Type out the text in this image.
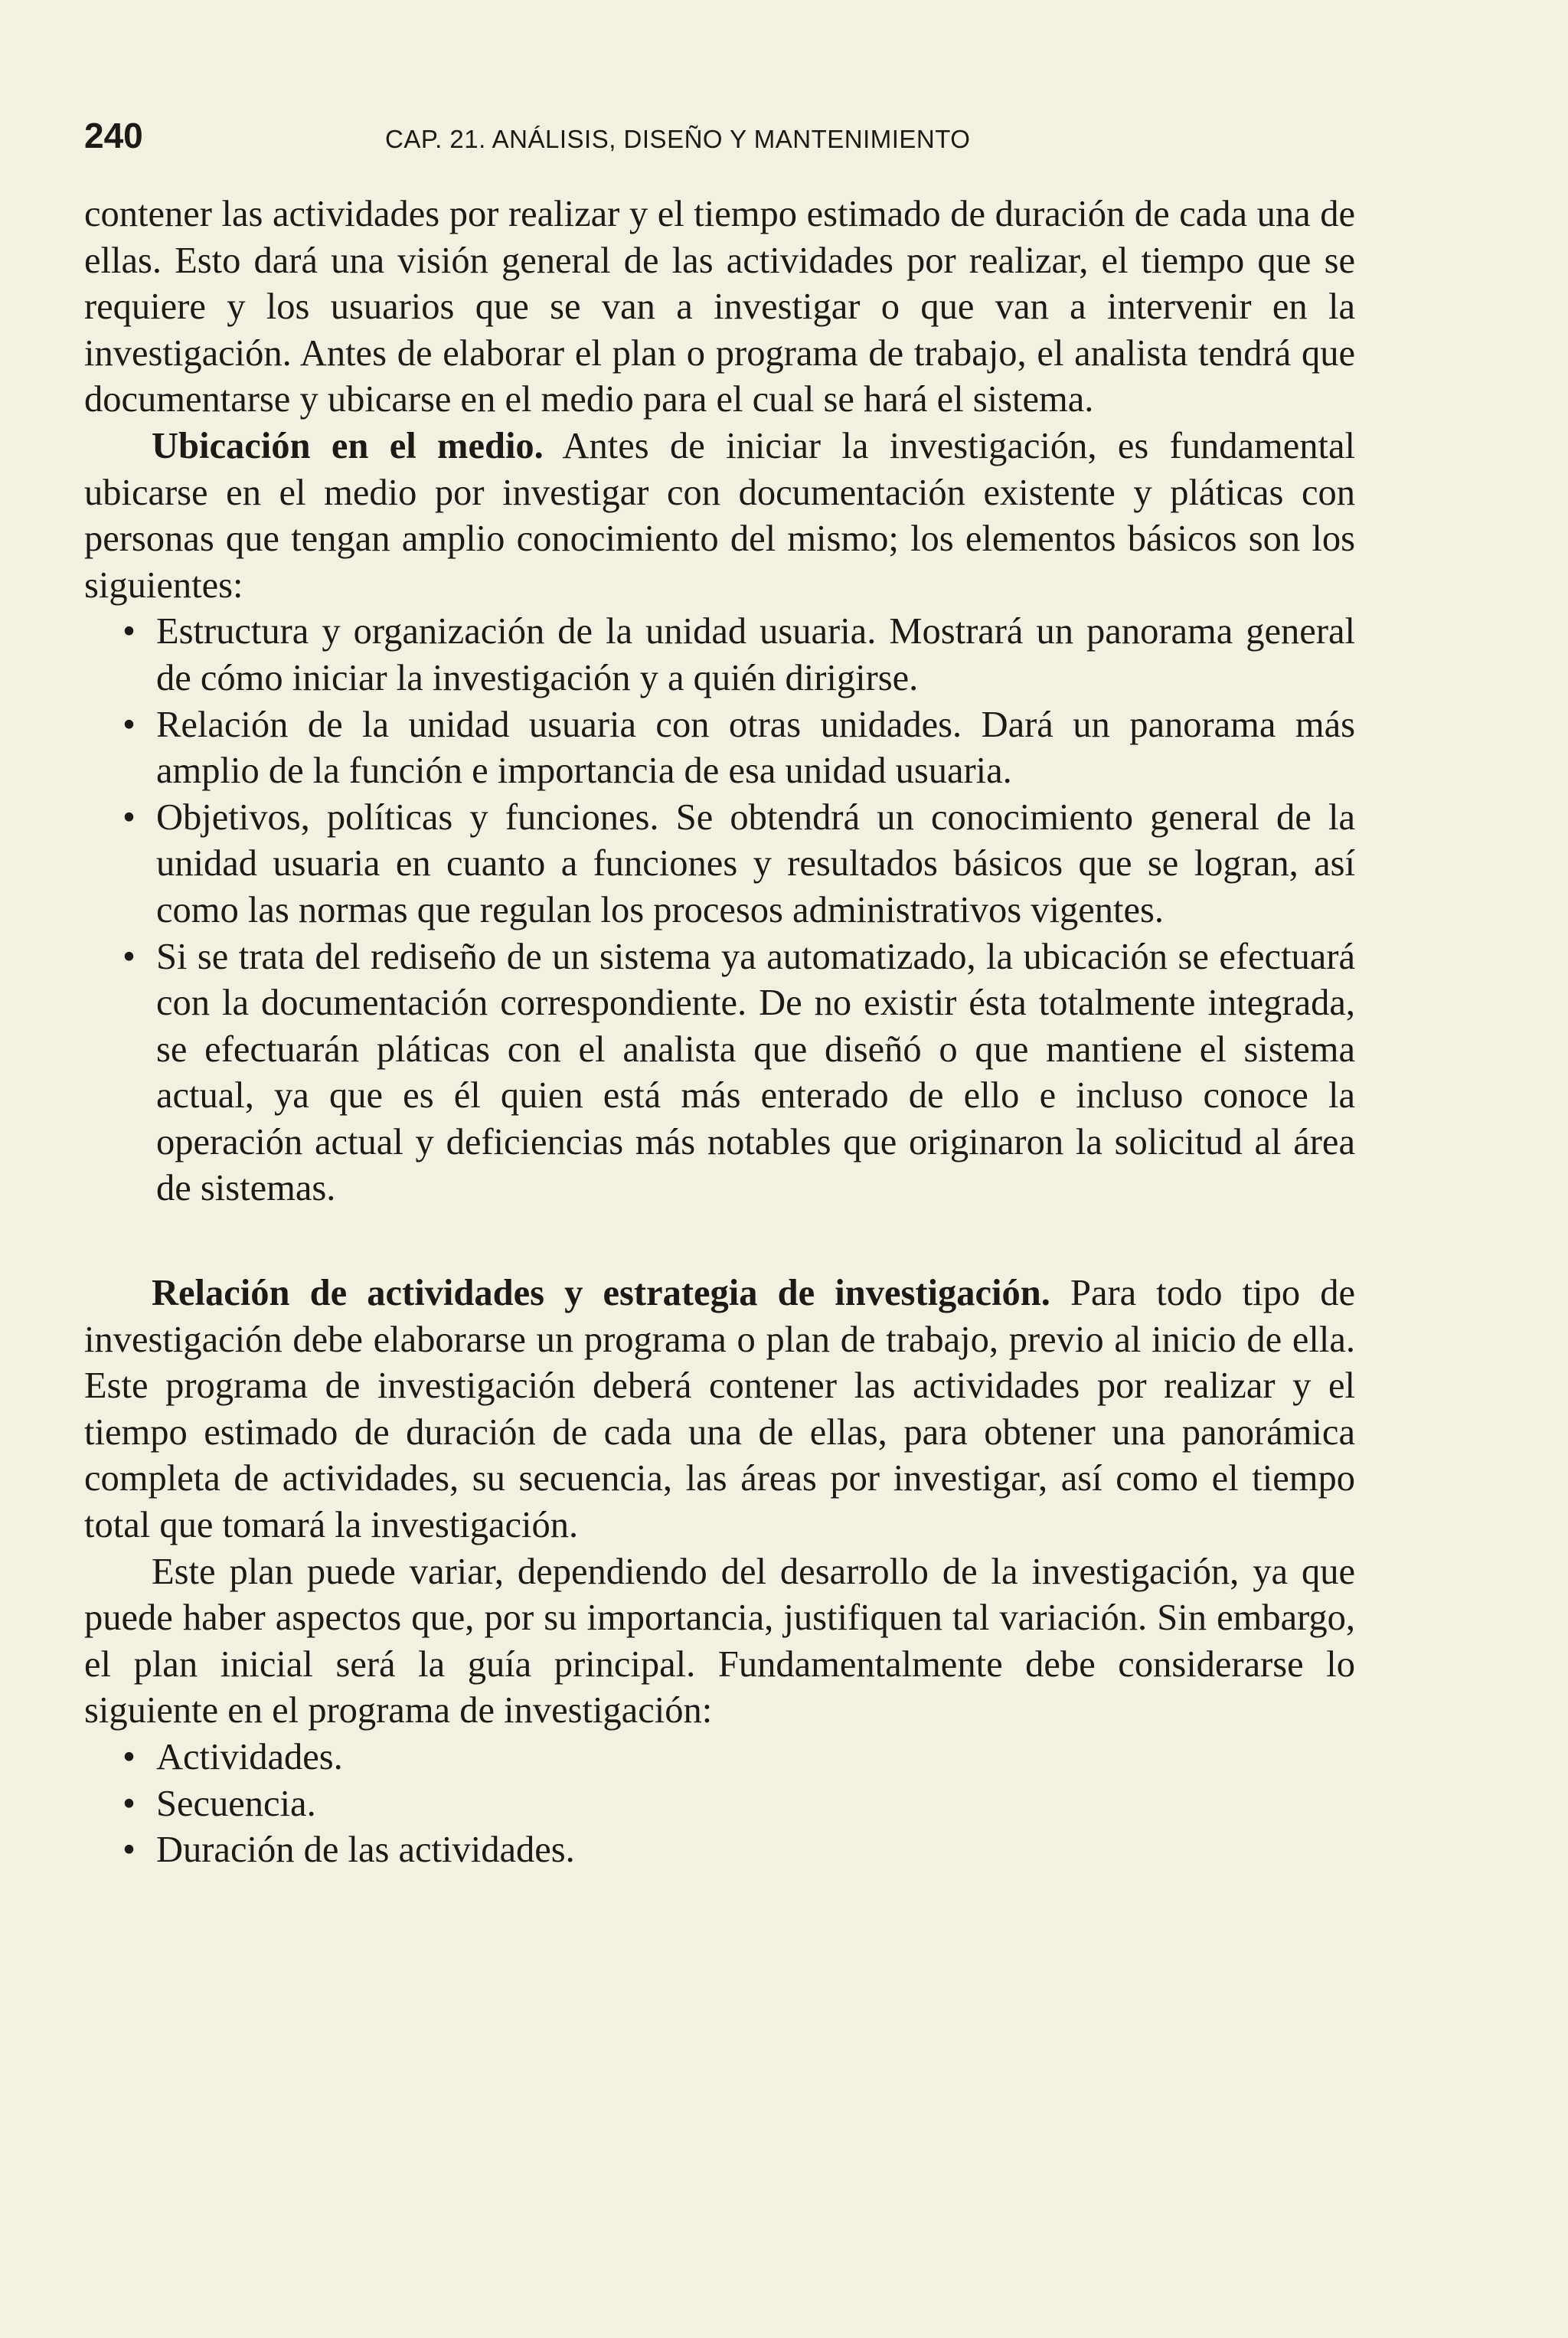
240	CAP. 21. ANÁLISIS, DISEÑO Y MANTENIMIENTO

contener las actividades por realizar y el tiempo estimado de duración de cada una de ellas. Esto dará una visión general de las actividades por realizar, el tiempo que se requiere y los usuarios que se van a investigar o que van a intervenir en la investigación. Antes de elaborar el plan o programa de trabajo, el analista tendrá que documentarse y ubicarse en el medio para el cual se hará el sistema.

Ubicación en el medio. Antes de iniciar la investigación, es fundamental ubicarse en el medio por investigar con documentación existente y pláticas con personas que tengan amplio conocimiento del mismo; los elementos básicos son los siguientes:

• Estructura y organización de la unidad usuaria. Mostrará un panorama general de cómo iniciar la investigación y a quién dirigirse.
• Relación de la unidad usuaria con otras unidades. Dará un panorama más amplio de la función e importancia de esa unidad usuaria.
• Objetivos, políticas y funciones. Se obtendrá un conocimiento general de la unidad usuaria en cuanto a funciones y resultados básicos que se logran, así como las normas que regulan los procesos administrativos vigentes.
• Si se trata del rediseño de un sistema ya automatizado, la ubicación se efectuará con la documentación correspondiente. De no existir ésta totalmente integrada, se efectuarán pláticas con el analista que diseñó o que mantiene el sistema actual, ya que es él quien está más enterado de ello e incluso conoce la operación actual y deficiencias más notables que originaron la solicitud al área de sistemas.

Relación de actividades y estrategia de investigación. Para todo tipo de investigación debe elaborarse un programa o plan de trabajo, previo al inicio de ella. Este programa de investigación deberá contener las actividades por realizar y el tiempo estimado de duración de cada una de ellas, para obtener una panorámica completa de actividades, su secuencia, las áreas por investigar, así como el tiempo total que tomará la investigación.

Este plan puede variar, dependiendo del desarrollo de la investigación, ya que puede haber aspectos que, por su importancia, justifiquen tal variación. Sin embargo, el plan inicial será la guía principal. Fundamentalmente debe considerarse lo siguiente en el programa de investigación:

• Actividades.
• Secuencia.
• Duración de las actividades.
